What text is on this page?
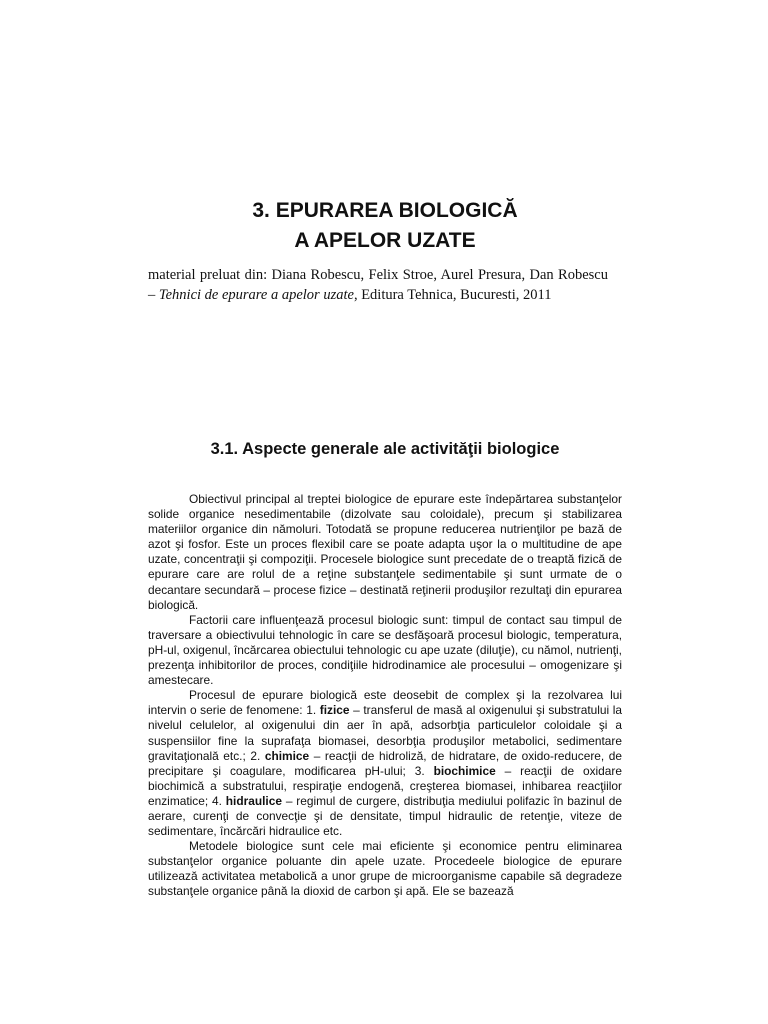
3. EPURAREA BIOLOGICĂ
A APELOR UZATE

material preluat din: Diana Robescu, Felix Stroe, Aurel Presura, Dan Robescu – Tehnici de epurare a apelor uzate, Editura Tehnica, Bucuresti, 2011

3.1. Aspecte generale ale activităţii biologice

Obiectivul principal al treptei biologice de epurare este îndepărtarea substanţelor solide organice nesedimentabile (dizolvate sau coloidale), precum şi stabilizarea materiilor organice din nămoluri. Totodată se propune reducerea nutrienţilor pe bază de azot şi fosfor. Este un proces flexibil care se poate adapta uşor la o multitudine de ape uzate, concentraţii şi compoziţii. Procesele biologice sunt precedate de o treaptă fizică de epurare care are rolul de a reţine substanţele sedimentabile şi sunt urmate de o decantare secundară – procese fizice – destinată reţinerii produşilor rezultaţi din epurarea biologică.

Factorii care influenţează procesul biologic sunt: timpul de contact sau timpul de traversare a obiectivului tehnologic în care se desfăşoară procesul biologic, temperatura, pH-ul, oxigenul, încărcarea obiectului tehnologic cu ape uzate (diluţie), cu nămol, nutrienţi, prezenţa inhibitorilor de proces, condiţiile hidrodinamice ale procesului – omogenizare şi amestecare.

Procesul de epurare biologică este deosebit de complex şi la rezolvarea lui intervin o serie de fenomene: 1. fizice – transferul de masă al oxigenului şi substratului la nivelul celulelor, al oxigenului din aer în apă, adsorbţia particulelor coloidale şi a suspensiilor fine la suprafaţa biomasei, desorbţia produşilor metabolici, sedimentare gravitaţională etc.; 2. chimice – reacţii de hidroliză, de hidratare, de oxido-reducere, de precipitare şi coagulare, modificarea pH-ului; 3. biochimice – reacţii de oxidare biochimică a substratului, respiraţie endogenă, creşterea biomasei, inhibarea reacţiilor enzimatice; 4. hidraulice – regimul de curgere, distribuţia mediului polifazic în bazinul de aerare, curenţi de convecţie şi de densitate, timpul hidraulic de retenţie, viteze de sedimentare, încărcări hidraulice etc.

Metodele biologice sunt cele mai eficiente şi economice pentru eliminarea substanţelor organice poluante din apele uzate. Procedeele biologice de epurare utilizează activitatea metabolică a unor grupe de microorganisme capabile să degradeze substanţele organice până la dioxid de carbon şi apă. Ele se bazează
